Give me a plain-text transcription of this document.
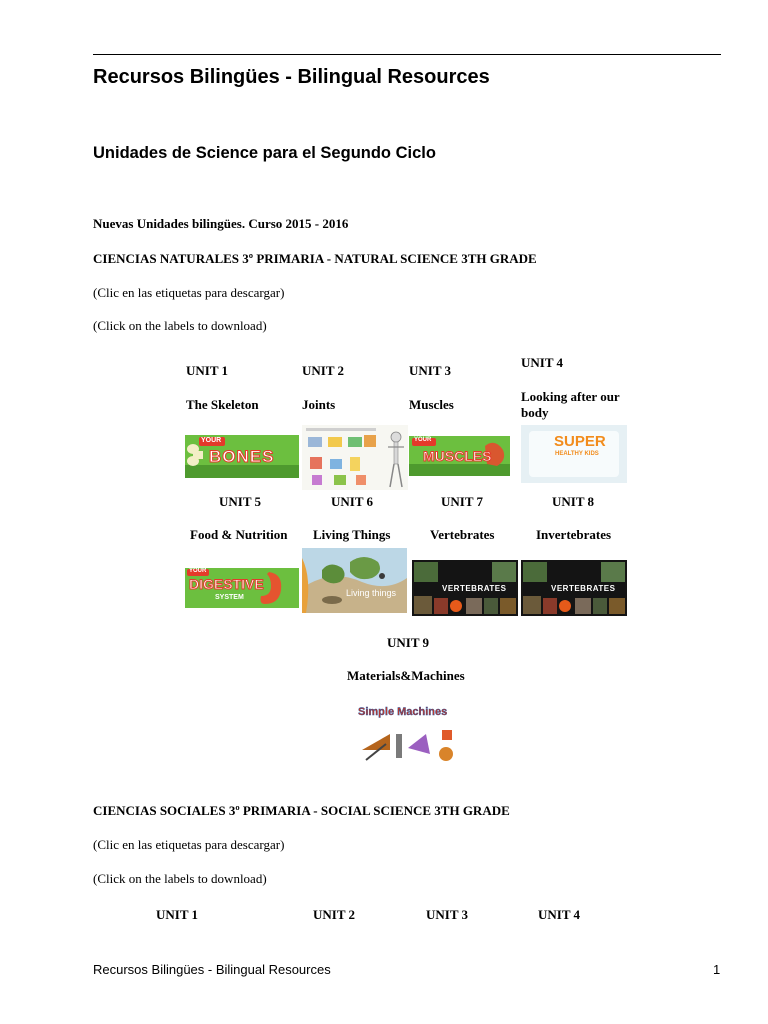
Recursos Bilingües - Bilingual Resources
Unidades de Science para el Segundo Ciclo
Nuevas Unidades bilingües. Curso 2015 - 2016
CIENCIAS NATURALES 3º PRIMARIA - NATURAL SCIENCE 3TH GRADE
(Clic en las etiquetas para descargar)
(Click on the labels to download)
UNIT 1
The Skeleton
UNIT 2
Joints
UNIT 3
Muscles
UNIT 4
Looking after our body
YOUR
BONES
YOUR
MUSCLES
SUPER
HEALTHY KIDS
UNIT 5
Food & Nutrition
UNIT 6
Living Things
UNIT 7
Vertebrates
UNIT 8
Invertebrates
YOUR
DIGESTIVE
SYSTEM	Living things	VERTEBRATES	VERTEBRATES
UNIT 9
Materials&Machines
Simple Machines
CIENCIAS SOCIALES 3º PRIMARIA - SOCIAL SCIENCE 3TH GRADE
(Clic en las etiquetas para descargar)
(Click on the labels to download)
UNIT 1	UNIT 2	UNIT 3	UNIT 4
Recursos Bilingües - Bilingual Resources	1
